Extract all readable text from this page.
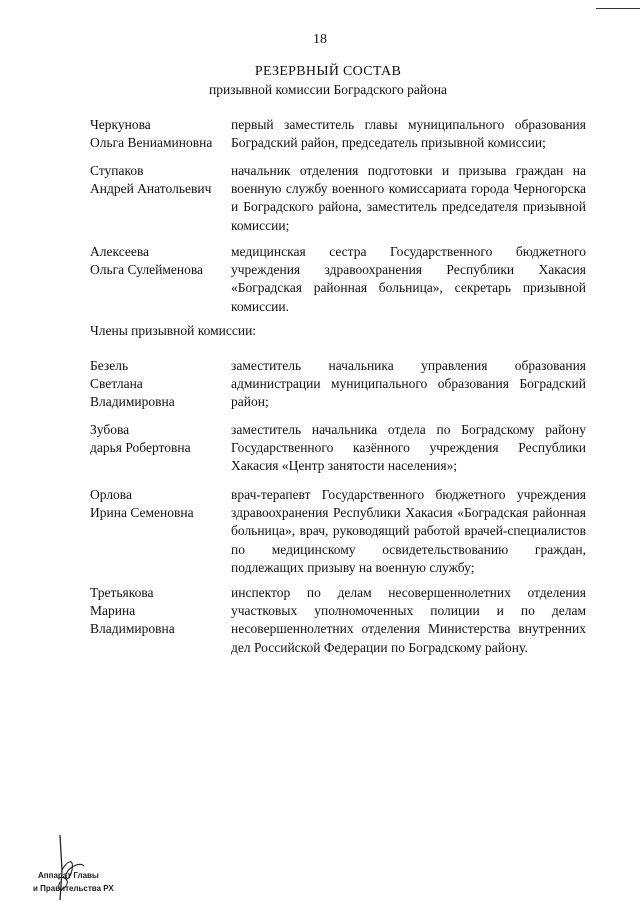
18
РЕЗЕРВНЫЙ СОСТАВ
призывной комиссии Боградского района
Черкунова
Ольга Вениаминовна
первый заместитель главы муниципального образования Боградский район, председатель призывной комиссии;
Ступаков
Андрей Анатольевич
начальник отделения подготовки и призыва граждан на военную службу военного комиссариата города Черногорска и Боградского района, заместитель председателя призывной комиссии;
Алексеева
Ольга Сулейменова
медицинская сестра Государственного бюджетного учреждения здравоохранения Республики Хакасия «Боградская районная больница», секретарь призывной комиссии.
Члены призывной комиссии:
Безель
Светлана
Владимировна
заместитель начальника управления образования администрации муниципального образования Боградский район;
Зубова
дарья Робертовна
заместитель начальника отдела по Боградскому району Государственного казённого учреждения Республики Хакасия «Центр занятости населения»;
Орлова
Ирина Семеновна
врач-терапевт Государственного бюджетного учреждения здравоохранения Республики Хакасия «Боградская районная больница», врач, руководящий работой врачей-специалистов по медицинскому освидетельствованию граждан, подлежащих призыву на военную службу;
Третьякова
Марина
Владимировна
инспектор по делам несовершеннолетних отделения участковых уполномоченных полиции и по делам несовершеннолетних отделения Министерства внутренних дел Российской Федерации по Боградскому району.
Аппарат Главы
и Правительства РХ
